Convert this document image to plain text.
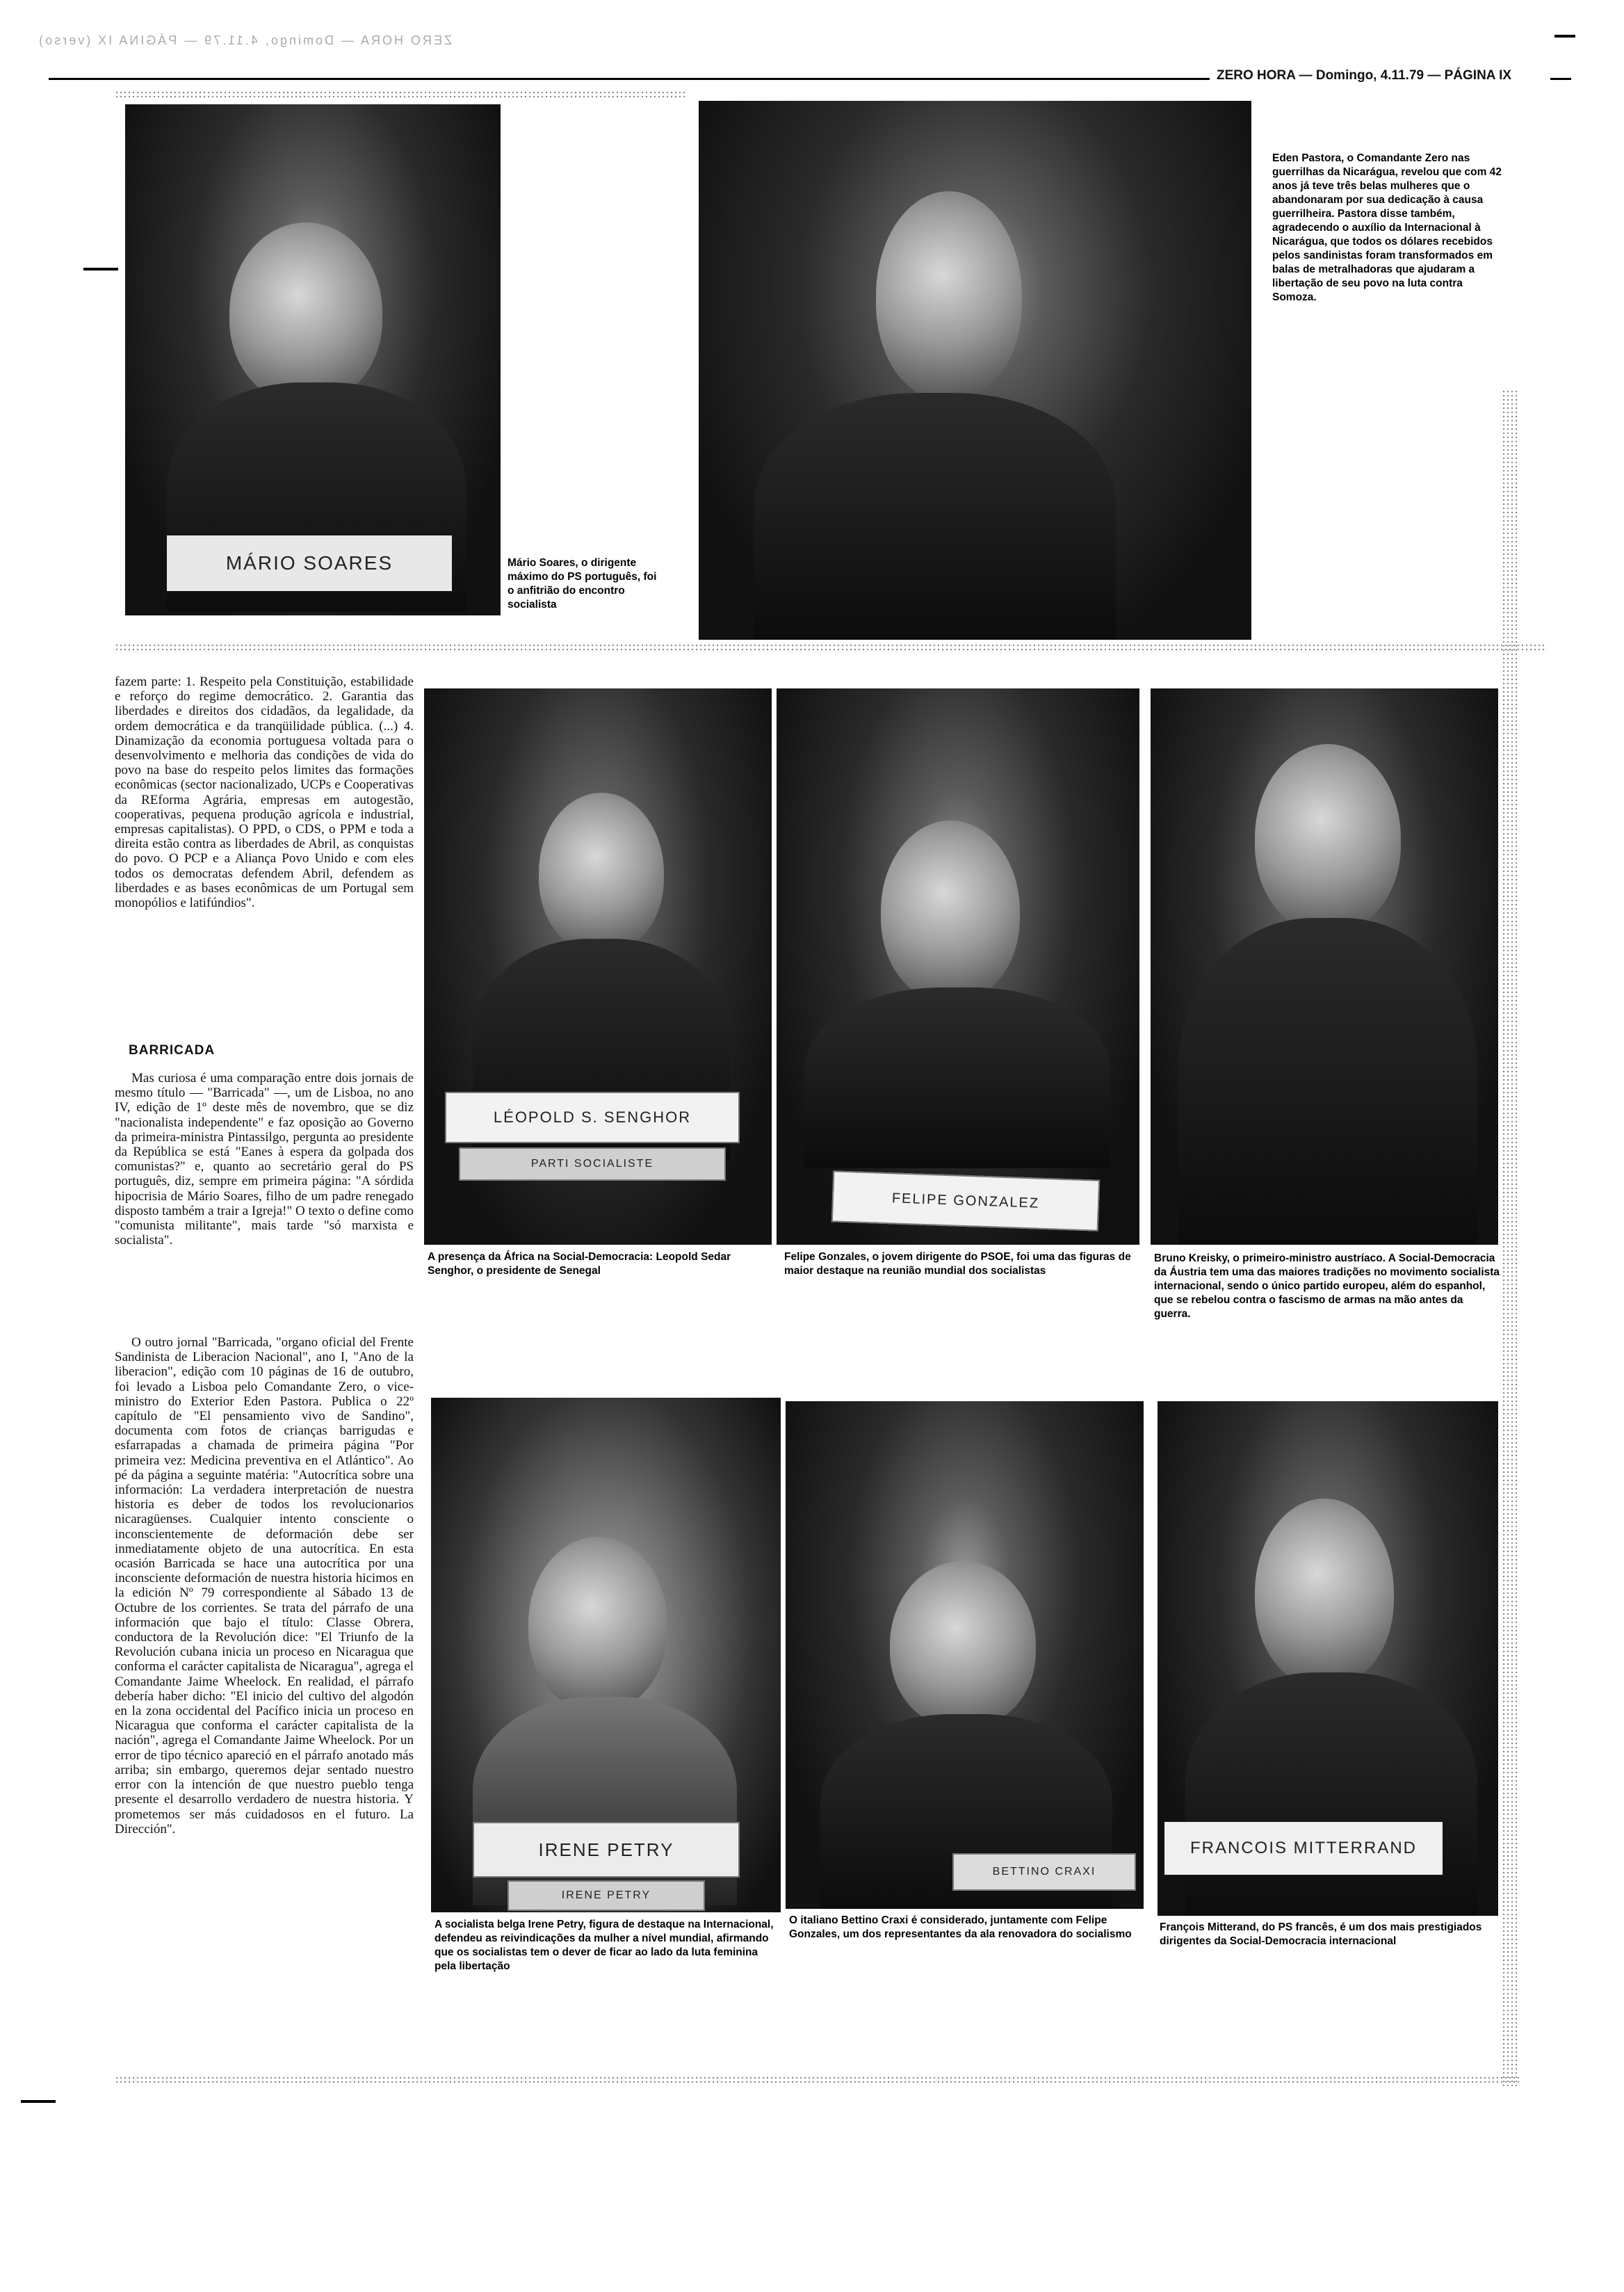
ZERO HORA — Domingo, 4.11.79 — PÁGINA IX (verso)
ZERO HORA — Domingo, 4.11.79 — PÁGINA IX
MÁRIO SOARES	Mário Soares, o dirigente máximo do PS português, foi o anfitrião do encontro socialista
Eden Pastora, o Comandante Zero nas guerrilhas da Nicarágua, revelou que com 42 anos já teve três belas mulheres que o abandonaram por sua dedicação à causa guerrilheira. Pastora disse também, agradecendo o auxílio da Internacional à Nicarágua, que todos os dólares recebidos pelos sandinistas foram transformados em balas de metralhadoras que ajudaram a libertação de seu povo na luta contra Somoza.

fazem parte: 1. Respeito pela Constituição, estabilidade e reforço do regime democrático. 2. Garantia das liberdades e direitos dos cidadãos, da legalidade, da ordem democrática e da tranqüilidade pública. (...) 4. Dinamização da economia portuguesa voltada para o desenvolvimento e melhoria das condições de vida do povo na base do respeito pelos limites das formações econômicas (sector nacionalizado, UCPs e Cooperativas da REforma Agrária, empresas em autogestão, cooperativas, pequena produção agrícola e industrial, empresas capitalistas). O PPD, o CDS, o PPM e toda a direita estão contra as liberdades de Abril, as conquistas do povo. O PCP e a Aliança Povo Unido e com eles todos os democratas defendem Abril, defendem as liberdades e as bases econômicas de um Portugal sem monopólios e latifúndios".

BARRICADA

Mas curiosa é uma comparação entre dois jornais de mesmo título — "Barricada" —, um de Lisboa, no ano IV, edição de 1º deste mês de novembro, que se diz "nacionalista independente" e faz oposição ao Governo da primeira-ministra Pintassilgo, pergunta ao presidente da República se está "Eanes à espera da golpada dos comunistas?" e, quanto ao secretário geral do PS português, diz, sempre em primeira página: "A sórdida hipocrisia de Mário Soares, filho de um padre renegado disposto também a trair a Igreja!" O texto o define como "comunista militante", mais tarde "só marxista e socialista".

O outro jornal "Barricada, "organo oficial del Frente Sandinista de Liberacion Nacional", ano I, "Ano de la liberacion", edição com 10 páginas de 16 de outubro, foi levado a Lisboa pelo Comandante Zero, o vice-ministro do Exterior Eden Pastora. Publica o 22º capítulo de "El pensamiento vivo de Sandino", documenta com fotos de crianças barrigudas e esfarrapadas a chamada de primeira página "Por primeira vez: Medicina preventiva en el Atlántico". Ao pé da página a seguinte matéria: "Autocrítica sobre una información: La verdadera interpretación de nuestra historia es deber de todos los revolucionarios nicaragüenses. Cualquier intento consciente o inconscientemente de deformación debe ser inmediatamente objeto de una autocrítica. En esta ocasión Barricada se hace una autocrítica por una inconsciente deformación de nuestra historia hicimos en la edición Nº 79 correspondiente al Sábado 13 de Octubre de los corrientes. Se trata del párrafo de una información que bajo el título: Classe Obrera, conductora de la Revolución dice: "El Triunfo de la Revolución cubana inicia un proceso en Nicaragua que conforma el carácter capitalista de Nicaragua", agrega el Comandante Jaime Wheelock. En realidad, el párrafo debería haber dicho: "El inicio del cultivo del algodón en la zona occidental del Pacífico inicia un proceso en Nicaragua que conforma el carácter capitalista de la nación", agrega el Comandante Jaime Wheelock. Por un error de tipo técnico apareció en el párrafo anotado más arriba; sin embargo, queremos dejar sentado nuestro error con la intención de que nuestro pueblo tenga presente el desarrollo verdadero de nuestra historia. Y prometemos ser más cuidadosos en el futuro. La Dirección".

LÉOPOLD S. SENGHOR
PARTI SOCIALISTE
A presença da África na Social-Democracia: Leopold Sedar Senghor, o presidente de Senegal
FELIPE GONZALEZ
Felipe Gonzales, o jovem dirigente do PSOE, foi uma das figuras de maior destaque na reunião mundial dos socialistas
Bruno Kreisky, o primeiro-ministro austríaco. A Social-Democracia da Áustria tem uma das maiores tradições no movimento socialista internacional, sendo o único partido europeu, além do espanhol, que se rebelou contra o fascismo de armas na mão antes da guerra.
IRENE PETRY
IRENE PETRY
A socialista belga Irene Petry, figura de destaque na Internacional, defendeu as reivindicações da mulher a nível mundial, afirmando que os socialistas tem o dever de ficar ao lado da luta feminina pela libertação
BETTINO CRAXI
O italiano Bettino Craxi é considerado, juntamente com Felipe Gonzales, um dos representantes da ala renovadora do socialismo
FRANCOIS MITTERRAND
François Mitterand, do PS francês, é um dos mais prestigiados dirigentes da Social-Democracia internacional
